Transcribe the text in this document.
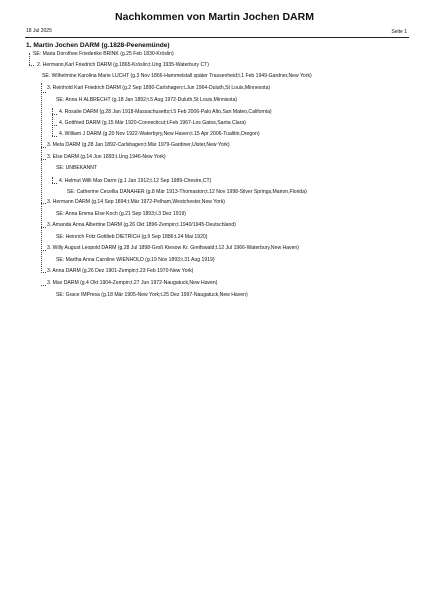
Nachkommen von Martin Jochen DARM
18 Jul 2025	Seite 1
1. Martin Jochen DARM (g.1828-Peenemünde)
SE: Maria Dorothee Friederike BRINK (g.25 Feb 1830-Kröslin)
2. Hermann,Karl Friedrich DARM (g.1865-Kröslin;t.Ung 1935-Waterbury CT)
SE: Wilhelmine Karolina Marie LUCHT (g.3 Nov 1866-Hammelstall später Trassenheid;t.1 Feb 1949-Gardner,New York)
3. Reinhold Karl Friedrich DARM (g.2 Sep 1890-Carlshagen;t.Jun 1964-Duluth,St Louis,Minnesota)
SE: Anna H ALBRECHT (g.18 Jan 1892;t.5 Aug 1972-Duluth,St Louis,Minnisota)
4. Rosalie DARM (g.28 Jan 1918-Massachusetts;t.5 Feb 2006-Palo Alto,San Mateo,California)
4. Gottfried DARM (g.15 Mär 1920-Connecticut;t.Feb 1967-Los Gatos,Santa Clara)
4. William J DARM (g.20 Nov 1922-Waterbyry,New Haven;t.15 Apr 2006-Tualitin,Oregon)
3. Meta DARM (g.28 Jan 1892-Carlshagen;t.Mär 1979-Gardiner,Ulster,New York)
3. Else DARM (g.14 Jun 1893;t.Ung 1946-New York)
SE: UNBEKANNT
4. Helmut Willi Max Darm (g.1 Jan 1912;t.12 Sep 1989-Chesire,CT)
SE: Catherine Cecellia DANAHER (g.8 Mär 1913-Thomaston;t.12 Nov 1998-Silver Springs,Marion,Florida)
3. Hermann DARM (g.14 Sep 1894;t.Mär 1972-Pelham,Westchester,New York)
SE: Anna Emma Else Koch (g.21 Sep 1893;t.3 Dez 1919)
3. Amanda Anna Albertine DARM (g.26 Okt 1896-Zempin;t.1940/1945-Deutschland)
SE: Heinrich Fritz Gottlieb DIETRICH (g.9 Sep 1886;t.24 Mai 1920)
3. Willy August Leopold DARM (g.28 Jul 1898-Groß Kiesow Kr. Greifswald;t.12 Jul 1966-Waterbury,New Haven)
SE: Martha Anna Caroline WIENHOLD (g.19 Nov 1893;t.31 Aug 1919)
3. Anna DARM (g.26 Dez 1901-Zempin;t.23 Feb 1970-New York)
3. Max DARM (g.4 Okt 1904-Zempin;t.27 Jun 1972-Naugatuck,New Haven)
SE: Grace IMPresa (g.18 Mär 1905-New York;t.25 Dez 1997-Naugatuck,New Haven)
